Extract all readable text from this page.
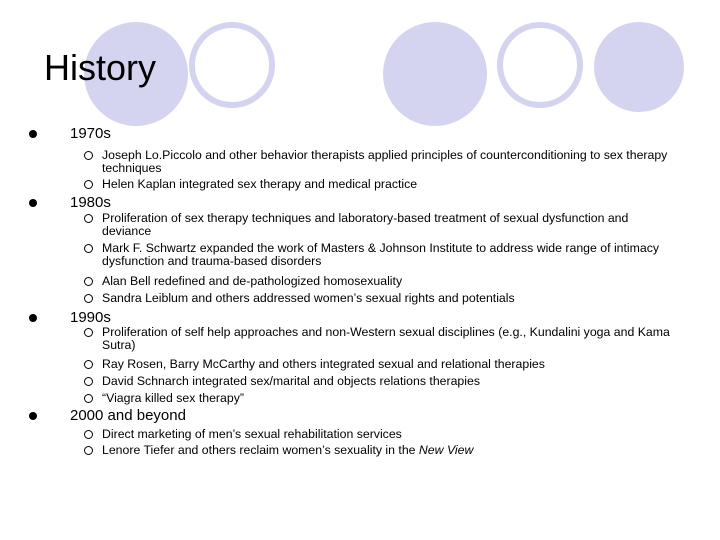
History
1970s
Joseph Lo.Piccolo and other behavior therapists applied principles of counterconditioning to sex therapy techniques
Helen Kaplan integrated sex therapy and medical practice
1980s
Proliferation of sex therapy techniques and laboratory-based treatment of sexual dysfunction and deviance
Mark F. Schwartz expanded the work of Masters & Johnson Institute to address wide range of intimacy dysfunction and trauma-based disorders
Alan Bell redefined and de-pathologized homosexuality
Sandra Leiblum and others addressed women’s sexual rights and potentials
1990s
Proliferation of self help approaches and non-Western sexual disciplines (e.g., Kundalini yoga and Kama Sutra)
Ray Rosen, Barry McCarthy and others integrated sexual and relational therapies
David Schnarch integrated sex/marital and objects relations therapies
“Viagra killed sex therapy”
2000 and beyond
Direct marketing of men’s sexual rehabilitation services
Lenore Tiefer and others reclaim women’s sexuality in the New View
